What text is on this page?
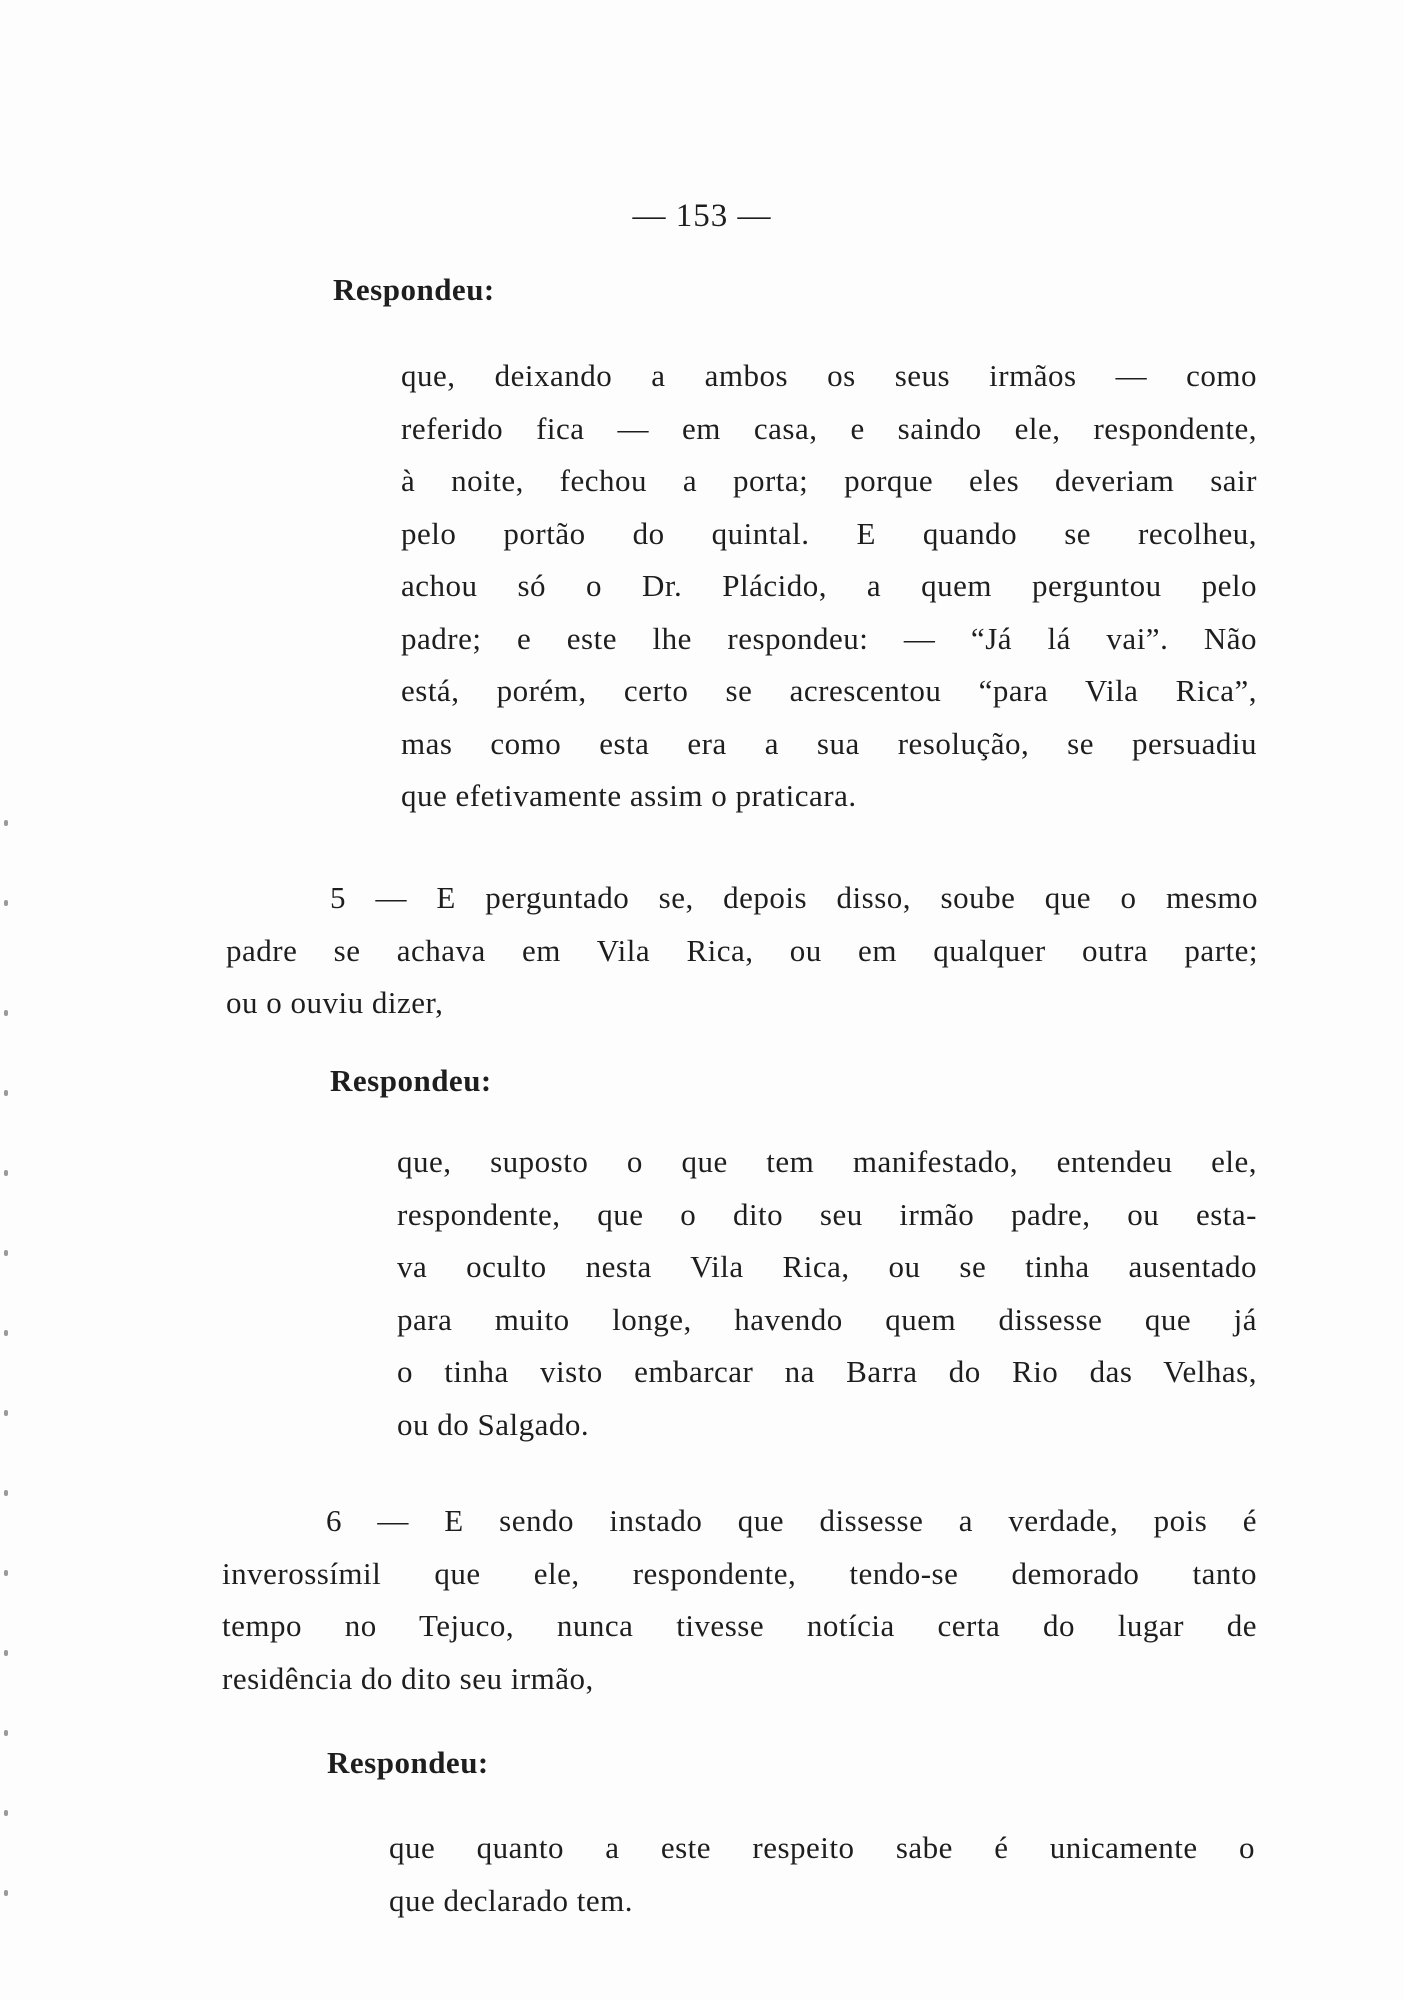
— 153 —
Respondeu:
que, deixando a ambos os seus irmãos — como
referido fica — em casa, e saindo ele, respondente,
à noite, fechou a porta; porque eles deveriam sair
pelo portão do quintal. E quando se recolheu,
achou só o Dr. Plácido, a quem perguntou pelo
padre; e este lhe respondeu: — “Já lá vai”. Não
está, porém, certo se acrescentou “para Vila Rica”,
mas como esta era a sua resolução, se persuadiu
que efetivamente assim o praticara.
5 — E perguntado se, depois disso, soube que o mesmo
padre se achava em Vila Rica, ou em qualquer outra parte;
ou o ouviu dizer,
Respondeu:
que, suposto o que tem manifestado, entendeu ele,
respondente, que o dito seu irmão padre, ou esta-
va oculto nesta Vila Rica, ou se tinha ausentado
para muito longe, havendo quem dissesse que já
o tinha visto embarcar na Barra do Rio das Velhas,
ou do Salgado.
6 — E sendo instado que dissesse a verdade, pois é
inverossímil que ele, respondente, tendo-se demorado tanto
tempo no Tejuco, nunca tivesse notícia certa do lugar de
residência do dito seu irmão,
Respondeu:
que quanto a este respeito sabe é unicamente o
que declarado tem.
